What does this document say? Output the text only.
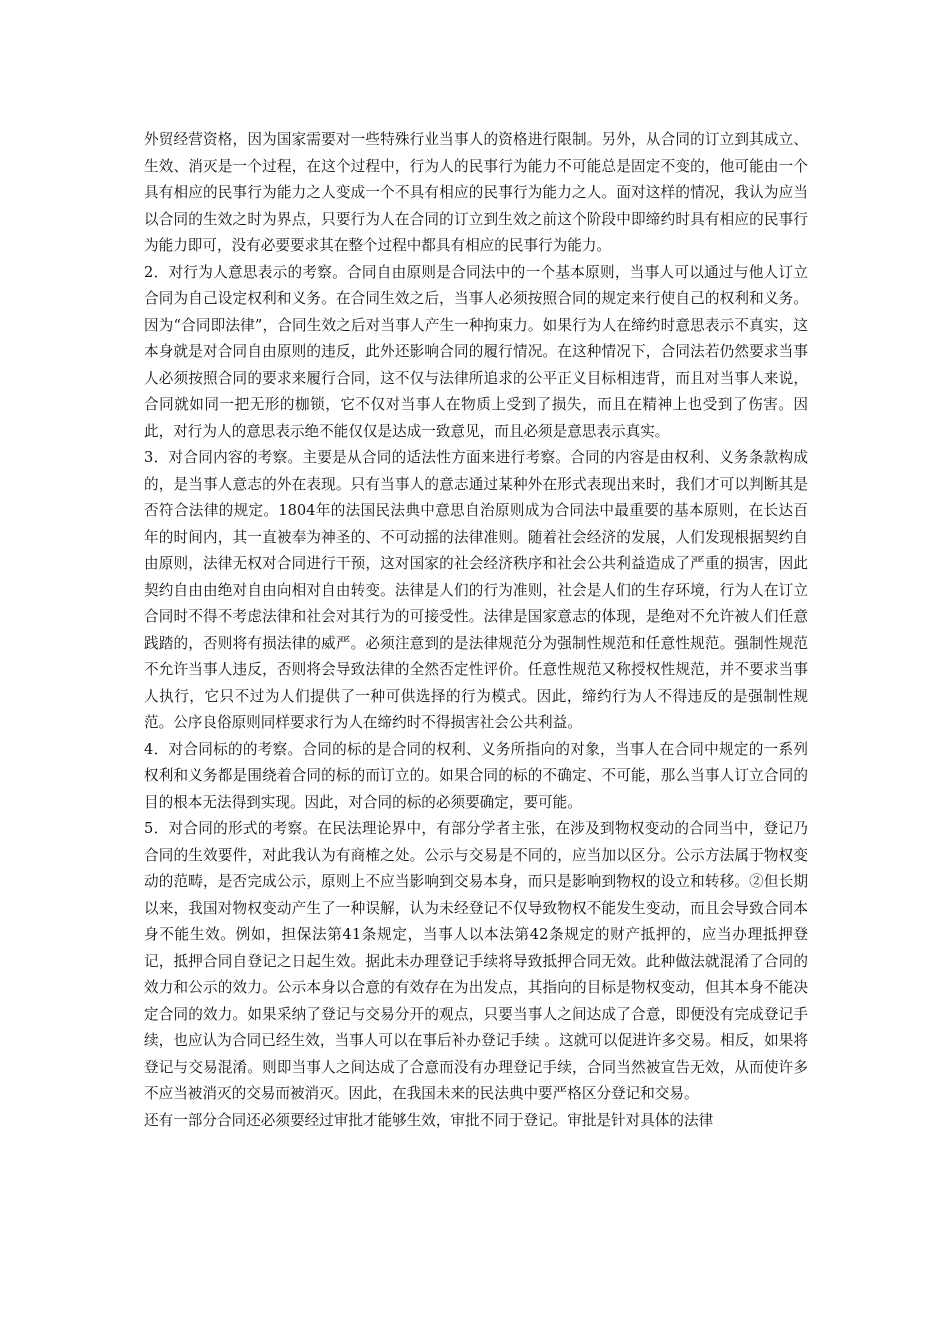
外贸经营资格，因为国家需要对一些特殊行业当事人的资格进行限制。另外，从合同的订立到其成立、生效、消灭是一个过程，在这个过程中，行为人的民事行为能力不可能总是固定不变的，他可能由一个具有相应的民事行为能力之人变成一个不具有相应的民事行为能力之人。面对这样的情况，我认为应当以合同的生效之时为界点，只要行为人在合同的订立到生效之前这个阶段中即缔约时具有相应的民事行为能力即可，没有必要要求其在整个过程中都具有相应的民事行为能力。

2．对行为人意思表示的考察。合同自由原则是合同法中的一个基本原则，当事人可以通过与他人订立合同为自己设定权利和义务。在合同生效之后，当事人必须按照合同的规定来行使自己的权利和义务。因为“合同即法律”，合同生效之后对当事人产生一种拘束力。如果行为人在缔约时意思表示不真实，这本身就是对合同自由原则的违反，此外还影响合同的履行情况。在这种情况下，合同法若仍然要求当事人必须按照合同的要求来履行合同，这不仅与法律所追求的公平正义目标相违背，而且对当事人来说，合同就如同一把无形的枷锁，它不仅对当事人在物质上受到了损失，而且在精神上也受到了伤害。因此，对行为人的意思表示绝不能仅仅是达成一致意见，而且必须是意思表示真实。

3．对合同内容的考察。主要是从合同的适法性方面来进行考察。合同的内容是由权利、义务条款构成的，是当事人意志的外在表现。只有当事人的意志通过某种外在形式表现出来时，我们才可以判断其是否符合法律的规定。1804年的法国民法典中意思自治原则成为合同法中最重要的基本原则，在长达百年的时间内，其一直被奉为神圣的、不可动摇的法律准则。随着社会经济的发展，人们发现根据契约自由原则，法律无权对合同进行干预，这对国家的社会经济秩序和社会公共利益造成了严重的损害，因此契约自由由绝对自由向相对自由转变。法律是人们的行为准则，社会是人们的生存环境，行为人在订立合同时不得不考虑法律和社会对其行为的可接受性。法律是国家意志的体现，是绝对不允许被人们任意践踏的，否则将有损法律的威严。必须注意到的是法律规范分为强制性规范和任意性规范。强制性规范不允许当事人违反，否则将会导致法律的全然否定性评价。任意性规范又称授权性规范，并不要求当事人执行，它只不过为人们提供了一种可供选择的行为模式。因此，缔约行为人不得违反的是强制性规范。公序良俗原则同样要求行为人在缔约时不得损害社会公共利益。

4．对合同标的的考察。合同的标的是合同的权利、义务所指向的对象，当事人在合同中规定的一系列权利和义务都是围绕着合同的标的而订立的。如果合同的标的不确定、不可能，那么当事人订立合同的目的根本无法得到实现。因此，对合同的标的必须要确定，要可能。

5．对合同的形式的考察。在民法理论界中，有部分学者主张，在涉及到物权变动的合同当中，登记乃合同的生效要件，对此我认为有商榷之处。公示与交易是不同的，应当加以区分。公示方法属于物权变动的范畴，是否完成公示，原则上不应当影响到交易本身，而只是影响到物权的设立和转移。②但长期以来，我国对物权变动产生了一种误解，认为未经登记不仅导致物权不能发生变动，而且会导致合同本身不能生效。例如，担保法第41条规定，当事人以本法第42条规定的财产抵押的，应当办理抵押登记，抵押合同自登记之日起生效。据此未办理登记手续将导致抵押合同无效。此种做法就混淆了合同的效力和公示的效力。公示本身以合意的有效存在为出发点，其指向的目标是物权变动，但其本身不能决定合同的效力。如果采纳了登记与交易分开的观点，只要当事人之间达成了合意，即便没有完成登记手续，也应认为合同已经生效，当事人可以在事后补办登记手续 。这就可以促进许多交易。相反，如果将登记与交易混淆。则即当事人之间达成了合意而没有办理登记手续，合同当然被宣告无效，从而使许多不应当被消灭的交易而被消灭。因此，在我国未来的民法典中要严格区分登记和交易。

还有一部分合同还必须要经过审批才能够生效，审批不同于登记。审批是针对具体的法律
